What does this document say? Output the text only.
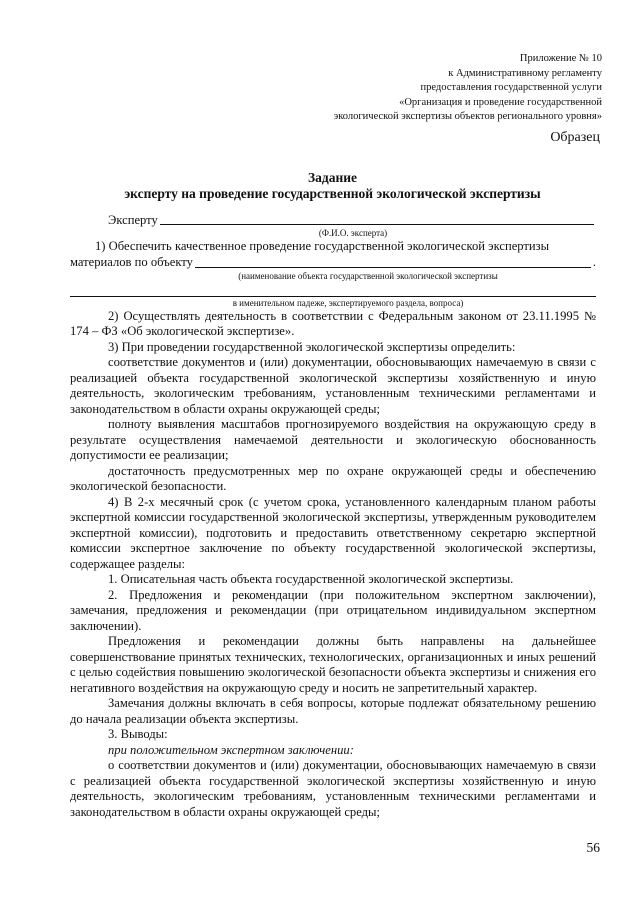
Приложение № 10
к Административному регламенту
предоставления государственной услуги
«Организация и проведение государственной
экологической экспертизы объектов регионального уровня»
Образец
Задание
эксперту на проведение государственной экологической экспертизы
Эксперту
(Ф.И.О. эксперта)
1) Обеспечить качественное проведение государственной экологической экспертизы
материалов по объекту	.
(наименование объекта государственной экологической экспертизы
в именительном падеже, экспертируемого раздела, вопроса)

2) Осуществлять деятельность в соответствии с Федеральным законом от 23.11.1995 № 174 – ФЗ «Об экологической экспертизе».

3) При проведении государственной экологической экспертизы определить:

соответствие документов и (или) документации, обосновывающих намечаемую в связи с реализацией объекта государственной экологической экспертизы хозяйственную и иную деятельность, экологическим требованиям, установленным техническими регламентами и законодательством в области охраны окружающей среды;

полноту выявления масштабов прогнозируемого воздействия на окружающую среду в результате осуществления намечаемой деятельности и экологическую обоснованность допустимости ее реализации;

достаточность предусмотренных мер по охране окружающей среды и обеспечению экологической безопасности.

4) В 2-х месячный срок (с учетом срока, установленного календарным планом работы экспертной комиссии государственной экологической экспертизы, утвержденным руководителем экспертной комиссии), подготовить и предоставить ответственному секретарю экспертной комиссии экспертное заключение по объекту государственной экологической экспертизы, содержащее разделы:

1. Описательная часть объекта государственной экологической экспертизы.

2. Предложения и рекомендации (при положительном экспертном заключении), замечания, предложения и рекомендации (при отрицательном индивидуальном экспертном заключении).

Предложения и рекомендации должны быть направлены на дальнейшее совершенствование принятых технических, технологических, организационных и иных решений с целью содействия повышению экологической безопасности объекта экспертизы и снижения его негативного воздействия на окружающую среду и носить не запретительный характер.

Замечания должны включать в себя вопросы, которые подлежат обязательному решению до начала реализации объекта экспертизы.

3. Выводы:

при положительном экспертном заключении:

о соответствии документов и (или) документации, обосновывающих намечаемую в связи с реализацией объекта государственной экологической экспертизы хозяйственную и иную деятельность, экологическим требованиям, установленным техническими регламентами и законодательством в области охраны окружающей среды;

56
